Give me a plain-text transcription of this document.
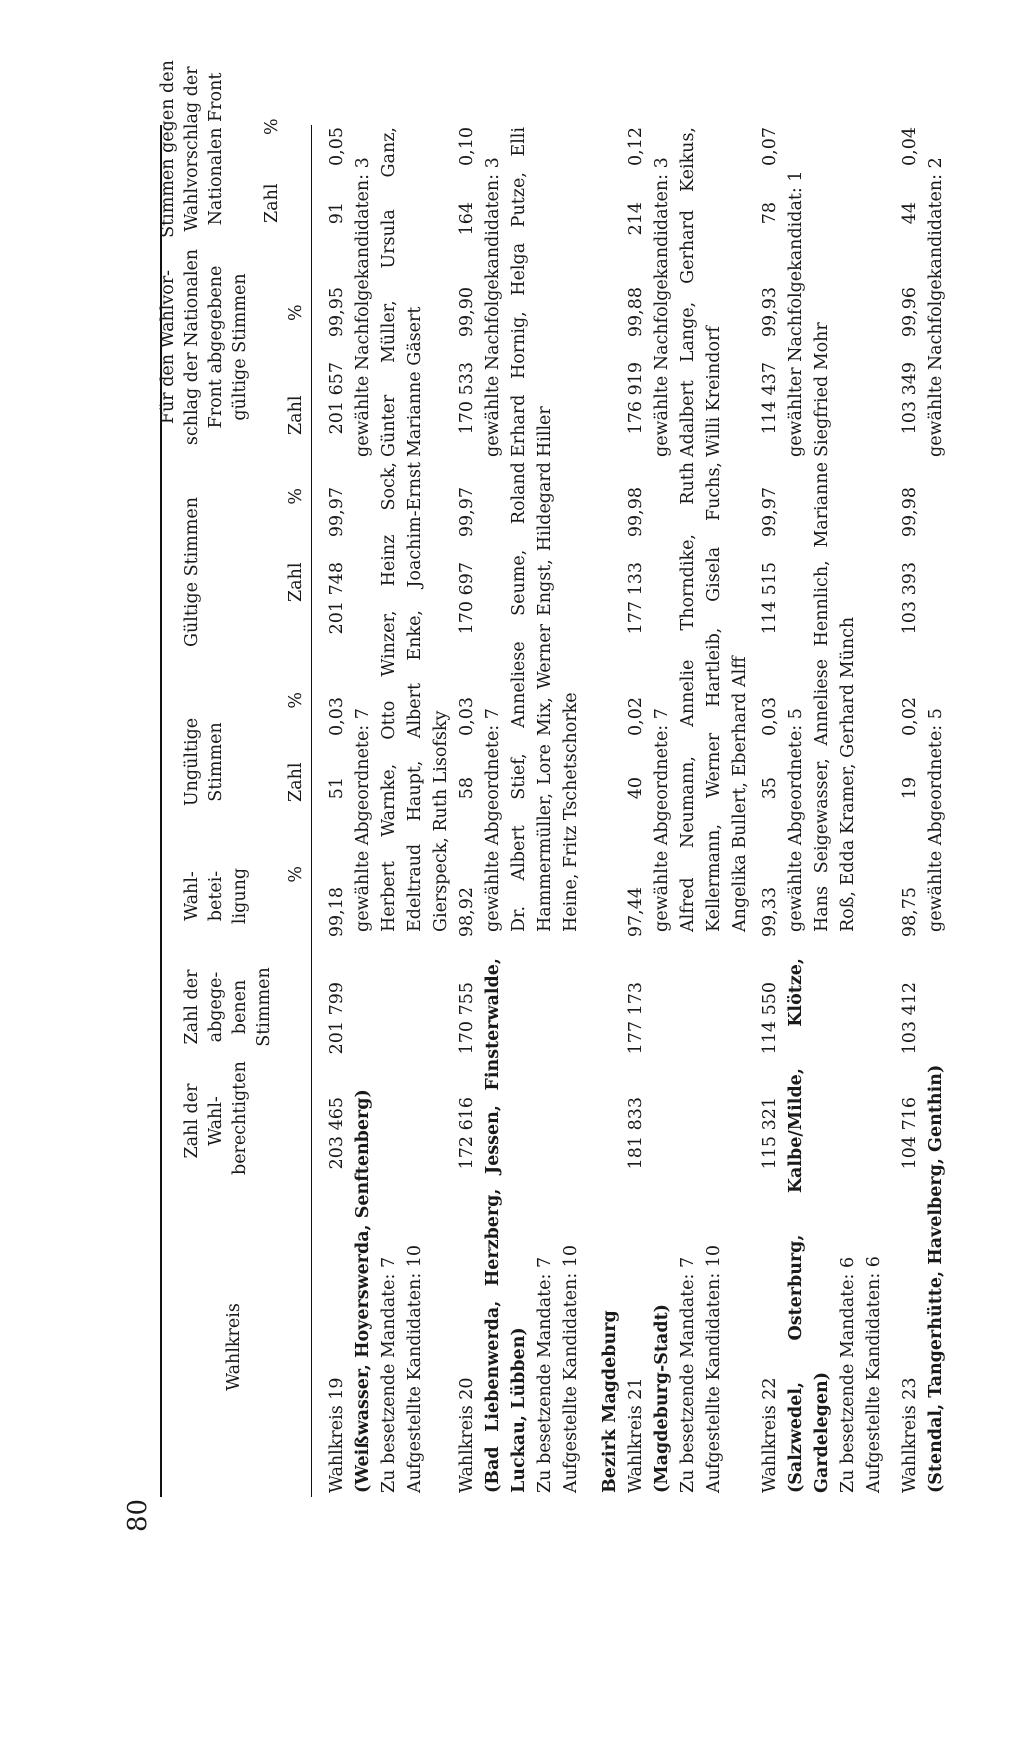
80
Wahlkreis
Zahl der Wahl- berechtigten
Zahl der abgege- benen Stimmen
Wahl- betei- ligung %
Ungültige Stimmen	Zahl
%
Gültige Stimmen	Zahl
%
Für den Wahlvor- schlag der Nationalen Front abgegebene gültige Stimmen Zahl
%
Stimmen gegen den Wahlvorschlag der Nationalen Front Zahl
%
Wahlkreis 19
203 465
201 799
99,18
51
0,03
201 748
99,97
201 657
99,95
91
0,05
(Weißwasser, Hoyerswerda, Senftenberg) Zu besetzende Mandate: 7 Aufgestellte Kandidaten: 10
gewählte Abgeordnete: 7 Herbert Warnke, Otto Winzer, Heinz Sock, Edeltraud Haupt, Albert Enke, Joachim-Ernst Gierspeck, Ruth Lisofsky
gewählte Nachfolgekandidaten: 3 Günter Müller, Ursula Ganz, Marianne Gäsert
Wahlkreis 20
172 616
170 755
98,92
58
0,03
170 697
99,97
170 533
99,90
164
0,10
(Bad Liebenwerda, Herzberg, Jessen, Finsterwalde, Luckau, Lübben) Zu besetzende Mandate: 7 Aufgestellte Kandidaten: 10
gewählte Abgeordnete: 7 Dr. Albert Stief, Anneliese Seume, Roland Hammermüller, Lore Mix, Werner Engst, Hildegard Heine, Fritz Tschetschorke
gewählte Nachfolgekandidaten: 3 Erhard Hornig, Helga Putze, Elli Hiller
Bezirk Magdeburg Wahlkreis 21
181 833
177 173
97,44
40
0,02
177 133
99,98
176 919
99,88
214
0,12
(Magdeburg-Stadt) Zu besetzende Mandate: 7 Aufgestellte Kandidaten: 10
gewählte Abgeordnete: 7 Alfred Neumann, Annelie Thorndike, Ruth Kellermann, Werner Hartleib, Gisela Fuchs, Angelika Bullert, Eberhard Alff
gewählte Nachfolgekandidaten: 3 Adalbert Lange, Gerhard Keikus, Willi Kreindorf
Wahlkreis 22
115 321
114 550
99,33
35
0,03
114 515
99,97
114 437
99,93
78
0,07
(Salzwedel, Osterburg, Kalbe/Milde, Klötze, Gardelegen) Zu besetzende Mandate: 6 Aufgestellte Kandidaten: 6
gewählte Abgeordnete: 5 Hans Seigewasser, Anneliese Hennlich, Marianne Roß, Edda Kramer, Gerhard Münch
gewählter Nachfolgekandidat: 1 Siegfried Mohr
Wahlkreis 23
104 716
103 412
98,75
19
0,02
103 393
99,98
103 349
99,96
44
0,04
(Stendal, Tangerhütte, Havelberg, Genthin)
gewählte Abgeordnete: 5
gewählte Nachfolgekandidaten: 2
